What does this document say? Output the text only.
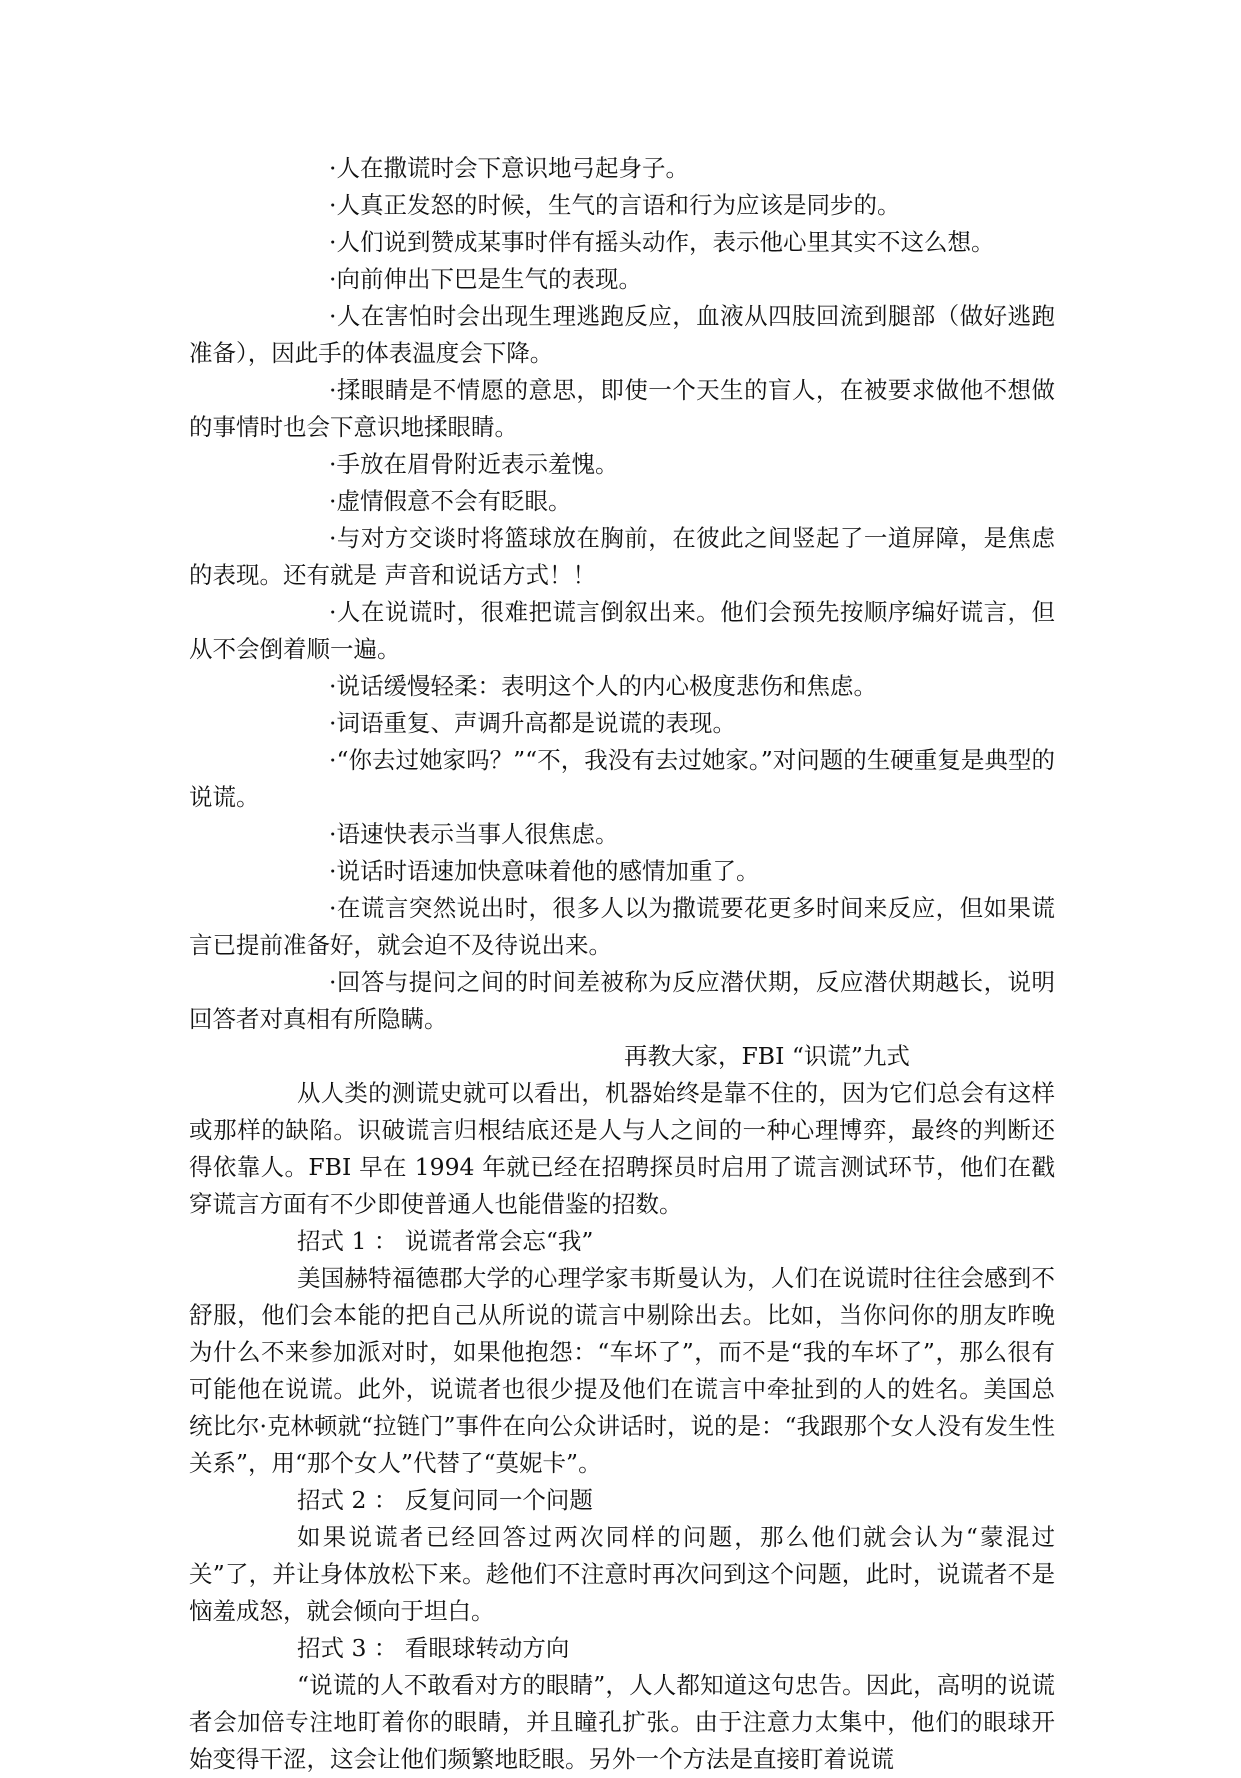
·人在撒谎时会下意识地弓起身子。

·人真正发怒的时候，生气的言语和行为应该是同步的。

·人们说到赞成某事时伴有摇头动作，表示他心里其实不这么想。

·向前伸出下巴是生气的表现。

·人在害怕时会出现生理逃跑反应，血液从四肢回流到腿部（做好逃跑准备），因此手的体表温度会下降。

·揉眼睛是不情愿的意思，即使一个天生的盲人，在被要求做他不想做的事情时也会下意识地揉眼睛。

·手放在眉骨附近表示羞愧。

·虚情假意不会有眨眼。

·与对方交谈时将篮球放在胸前，在彼此之间竖起了一道屏障，是焦虑的表现。还有就是 声音和说话方式！！

·人在说谎时，很难把谎言倒叙出来。他们会预先按顺序编好谎言，但从不会倒着顺一遍。

·说话缓慢轻柔：表明这个人的内心极度悲伤和焦虑。

·词语重复、声调升高都是说谎的表现。

·“你去过她家吗？”“不，我没有去过她家。”对问题的生硬重复是典型的说谎。

·语速快表示当事人很焦虑。

·说话时语速加快意味着他的感情加重了。

·在谎言突然说出时，很多人以为撒谎要花更多时间来反应，但如果谎言已提前准备好，就会迫不及待说出来。

·回答与提问之间的时间差被称为反应潜伏期，反应潜伏期越长，说明回答者对真相有所隐瞒。

再教大家，FBI “识谎”九式

从人类的测谎史就可以看出，机器始终是靠不住的，因为它们总会有这样或那样的缺陷。识破谎言归根结底还是人与人之间的一种心理博弈，最终的判断还得依靠人。FBI 早在 1994 年就已经在招聘探员时启用了谎言测试环节，他们在戳穿谎言方面有不少即使普通人也能借鉴的招数。

招式 1 ： 说谎者常会忘“我”

美国赫特福德郡大学的心理学家韦斯曼认为，人们在说谎时往往会感到不舒服，他们会本能的把自己从所说的谎言中剔除出去。比如，当你问你的朋友昨晚为什么不来参加派对时，如果他抱怨：“车坏了”，而不是“我的车坏了”，那么很有可能他在说谎。此外，说谎者也很少提及他们在谎言中牵扯到的人的姓名。美国总统比尔·克林顿就“拉链门”事件在向公众讲话时，说的是：“我跟那个女人没有发生性关系”，用“那个女人”代替了“莫妮卡”。

招式 2 ： 反复问同一个问题

如果说谎者已经回答过两次同样的问题，那么他们就会认为“蒙混过关”了，并让身体放松下来。趁他们不注意时再次问到这个问题，此时，说谎者不是恼羞成怒，就会倾向于坦白。

招式 3 ： 看眼球转动方向

“说谎的人不敢看对方的眼睛”，人人都知道这句忠告。因此，高明的说谎者会加倍专注地盯着你的眼睛，并且瞳孔扩张。由于注意力太集中，他们的眼球开始变得干涩，这会让他们频繁地眨眼。另外一个方法是直接盯着说谎
